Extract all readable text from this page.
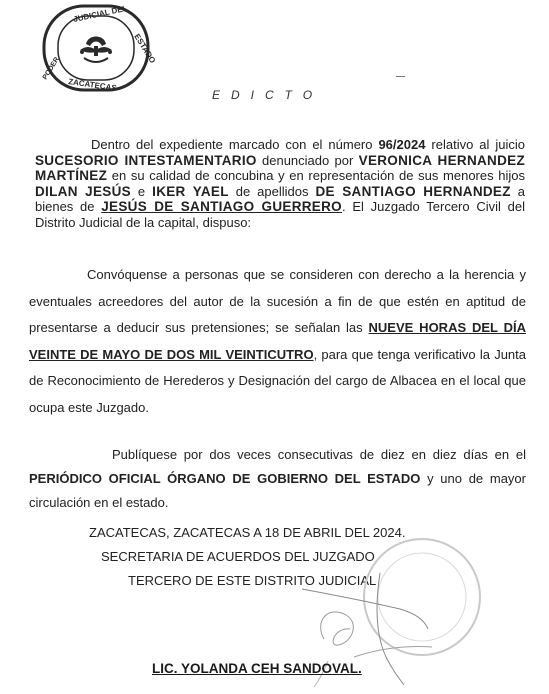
PODER
JUDICIAL DEL
ESTADO
ZACATECAS
EDICTO
Dentro del expediente marcado con el número 96/2024 relativo al juicio SUCESORIO INTESTAMENTARIO denunciado por VERONICA HERNANDEZ MARTÍNEZ en su calidad de concubina y en representación de sus menores hijos DILAN JESÚS e IKER YAEL de apellidos DE SANTIAGO HERNANDEZ a bienes de JESÚS DE SANTIAGO GUERRERO. El Juzgado Tercero Civil del Distrito Judicial de la capital, dispuso:
Convóquense a personas que se consideren con derecho a la herencia y eventuales acreedores del autor de la sucesión a fin de que estén en aptitud de presentarse a deducir sus pretensiones; se señalan las NUEVE HORAS DEL DÍA VEINTE DE MAYO DE DOS MIL VEINTICUTRO, para que tenga verificativo la Junta de Reconocimiento de Herederos y Designación del cargo de Albacea en el local que ocupa este Juzgado.
Publíquese por dos veces consecutivas de diez en diez días en el PERIÓDICO OFICIAL ÓRGANO DE GOBIERNO DEL ESTADO y uno de mayor circulación en el estado.
ZACATECAS, ZACATECAS A 18 DE ABRIL DEL 2024.
SECRETARIA DE ACUERDOS DEL JUZGADO
TERCERO DE ESTE DISTRITO JUDICIAL
LIC. YOLANDA CEH SANDOVAL.
